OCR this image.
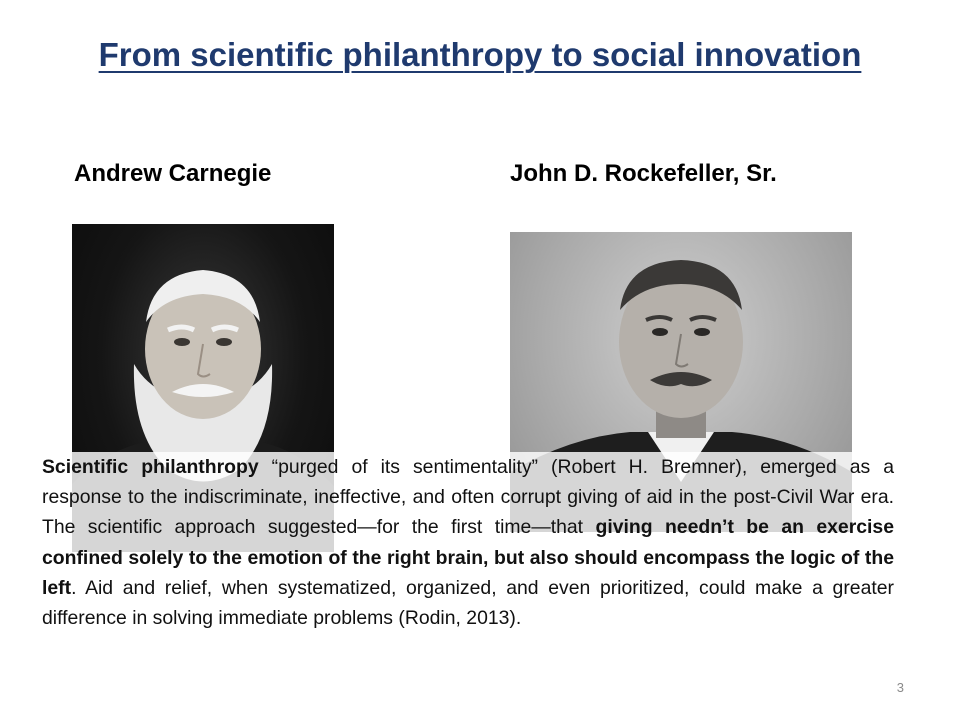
From scientific philanthropy to social innovation
Andrew Carnegie	John D. Rockefeller, Sr.
Scientific philanthropy “purged of its sentimentality” (Robert H. Bremner), emerged as a response to the indiscriminate, ineffective, and often corrupt giving of aid in the post-Civil War era. The scientific approach suggested—for the first time—that giving needn’t be an exercise confined solely to the emotion of the right brain, but also should encompass the logic of the left. Aid and relief, when systematized, organized, and even prioritized, could make a greater difference in solving immediate problems (Rodin, 2013).
3
